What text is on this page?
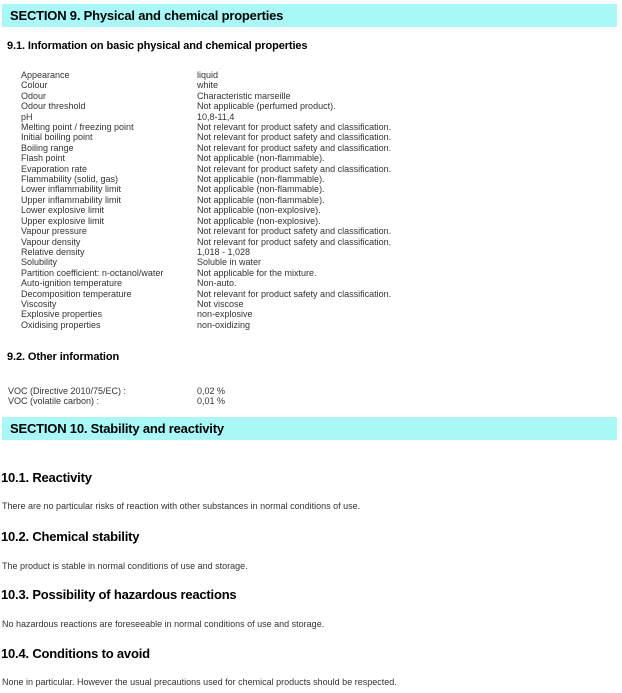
SECTION 9. Physical and chemical properties
9.1. Information on basic physical and chemical properties
Appearance	liquid
Colour	white
Odour	Characteristic marseille
Odour threshold	Not applicable (perfumed product).
pH	10,8-11,4
Melting point / freezing point	Not relevant for product safety and classification.
Initial boiling point	Not relevant for product safety and classification.
Boiling range	Not relevant for product safety and classification.
Flash point	Not applicable (non-flammable).
Evaporation rate	Not relevant for product safety and classification.
Flammability (solid, gas)	Not applicable (non-flammable).
Lower inflammability limit	Not applicable (non-flammable).
Upper inflammability limit	Not applicable (non-flammable).
Lower explosive limit	Not applicable (non-explosive).
Upper explosive limit	Not applicable (non-explosive).
Vapour pressure	Not relevant for product safety and classification.
Vapour density	Not relevant for product safety and classification.
Relative density	1,018 - 1,028
Solubility	Soluble in water
Partition coefficient: n-octanol/water	Not applicable for the mixture.
Auto-ignition temperature	Non-auto.
Decomposition temperature	Not relevant for product safety and classification.
Viscosity	Not viscose
Explosive properties	non-explosive
Oxidising properties	non-oxidizing
9.2. Other information
VOC (Directive 2010/75/EC) :	0,02 %
VOC (volatile carbon) :	0,01 %
SECTION 10. Stability and reactivity
10.1. Reactivity

There are no particular risks of reaction with other substances in normal conditions of use.

10.2. Chemical stability

The product is stable in normal conditions of use and storage.

10.3. Possibility of hazardous reactions

No hazardous reactions are foreseeable in normal conditions of use and storage.

10.4. Conditions to avoid

None in particular. However the usual precautions used for chemical products should be respected.
